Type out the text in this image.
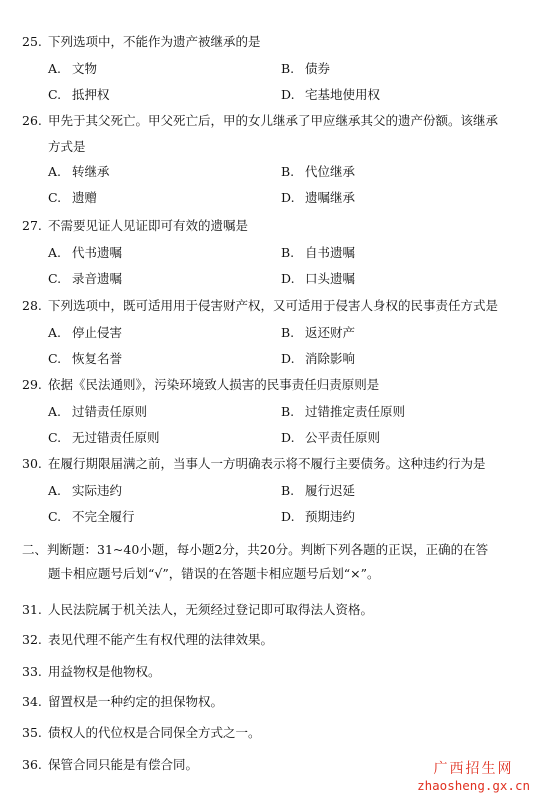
25. 下列选项中，不能作为遗产被继承的是
A. 文物	B. 债券
C. 抵押权	D. 宅基地使用权
26. 甲先于其父死亡。甲父死亡后，甲的女儿继承了甲应继承其父的遗产份额。该继承
方式是
A. 转继承	B. 代位继承
C. 遗赠	D. 遗嘱继承
27. 不需要见证人见证即可有效的遗嘱是
A. 代书遗嘱	B. 自书遗嘱
C. 录音遗嘱	D. 口头遗嘱
28. 下列选项中，既可适用用于侵害财产权，又可适用于侵害人身权的民事责任方式是
A. 停止侵害	B. 返还财产
C. 恢复名誉	D. 消除影响
29. 依据《民法通则》，污染环境致人损害的民事责任归责原则是
A. 过错责任原则	B. 过错推定责任原则
C. 无过错责任原则	D. 公平责任原则
30. 在履行期限届满之前，当事人一方明确表示将不履行主要债务。这种违约行为是
A. 实际违约	B. 履行迟延
C. 不完全履行	D. 预期违约
二、判断题：31~40小题，每小题2分，共20分。判断下列各题的正误，正确的在答
题卡相应题号后划“√”，错误的在答题卡相应题号后划“×”。
31. 人民法院属于机关法人，无须经过登记即可取得法人资格。
32. 表见代理不能产生有权代理的法律效果。
33. 用益物权是他物权。
34. 留置权是一种约定的担保物权。
35. 债权人的代位权是合同保全方式之一。
36. 保管合同只能是有偿合同。	广西招生网
zhaosheng.gx.cn
